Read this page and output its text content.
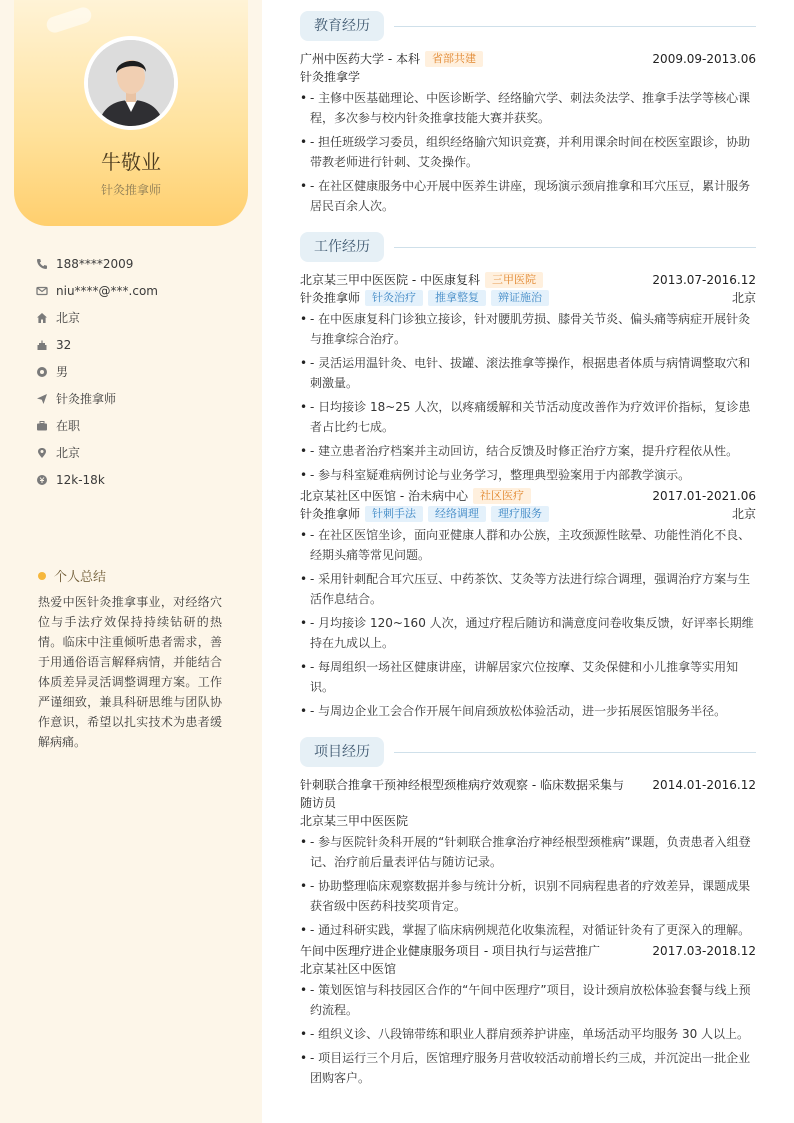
牛敬业
针灸推拿师
188****2009
niu****@***.com
北京
32
男
针灸推拿师
在职
北京
12k-18k
个人总结
热爱中医针灸推拿事业，对经络穴位与手法疗效保持持续钻研的热情。临床中注重倾听患者需求，善于用通俗语言解释病情，并能结合体质差异灵活调整调理方案。工作严谨细致，兼具科研思维与团队协作意识，希望以扎实技术为患者缓解病痛。
教育经历
广州中医药大学 - 本科 省部共建	2009.09-2013.06
针灸推拿学
• - 主修中医基础理论、中医诊断学、经络腧穴学、刺法灸法学、推拿手法学等核心课程，多次参与校内针灸推拿技能大赛并获奖。
• - 担任班级学习委员，组织经络腧穴知识竞赛，并利用课余时间在校医室跟诊，协助带教老师进行针刺、艾灸操作。
• - 在社区健康服务中心开展中医养生讲座，现场演示颈肩推拿和耳穴压豆，累计服务居民百余人次。
工作经历
北京某三甲中医医院 - 中医康复科 三甲医院	2013.07-2016.12
针灸推拿师 针灸治疗 推拿整复 辨证施治	北京
• - 在中医康复科门诊独立接诊，针对腰肌劳损、膝骨关节炎、偏头痛等病症开展针灸与推拿综合治疗。
• - 灵活运用温针灸、电针、拔罐、滚法推拿等操作，根据患者体质与病情调整取穴和刺激量。
• - 日均接诊 18~25 人次，以疼痛缓解和关节活动度改善作为疗效评价指标，复诊患者占比约七成。
• - 建立患者治疗档案并主动回访，结合反馈及时修正治疗方案，提升疗程依从性。
• - 参与科室疑难病例讨论与业务学习，整理典型验案用于内部教学演示。
北京某社区中医馆 - 治未病中心 社区医疗	2017.01-2021.06
针灸推拿师 针刺手法 经络调理 理疗服务	北京
• - 在社区医馆坐诊，面向亚健康人群和办公族，主攻颈源性眩晕、功能性消化不良、经期头痛等常见问题。
• - 采用针刺配合耳穴压豆、中药茶饮、艾灸等方法进行综合调理，强调治疗方案与生活作息结合。
• - 月均接诊 120~160 人次，通过疗程后随访和满意度问卷收集反馈，好评率长期维持在九成以上。
• - 每周组织一场社区健康讲座，讲解居家穴位按摩、艾灸保健和小儿推拿等实用知识。
• - 与周边企业工会合作开展午间肩颈放松体验活动，进一步拓展医馆服务半径。
项目经历
针刺联合推拿干预神经根型颈椎病疗效观察 - 临床数据采集与随访员
2014.01-2016.12
北京某三甲中医医院
• - 参与医院针灸科开展的“针刺联合推拿治疗神经根型颈椎病”课题，负责患者入组登记、治疗前后量表评估与随访记录。
• - 协助整理临床观察数据并参与统计分析，识别不同病程患者的疗效差异，课题成果获省级中医药科技奖项肯定。
• - 通过科研实践，掌握了临床病例规范化收集流程，对循证针灸有了更深入的理解。
午间中医理疗进企业健康服务项目 - 项目执行与运营推广	2017.03-2018.12
北京某社区中医馆
• - 策划医馆与科技园区合作的“午间中医理疗”项目，设计颈肩放松体验套餐与线上预约流程。
• - 组织义诊、八段锦带练和职业人群肩颈养护讲座，单场活动平均服务 30 人以上。
• - 项目运行三个月后，医馆理疗服务月营收较活动前增长约三成，并沉淀出一批企业团购客户。
